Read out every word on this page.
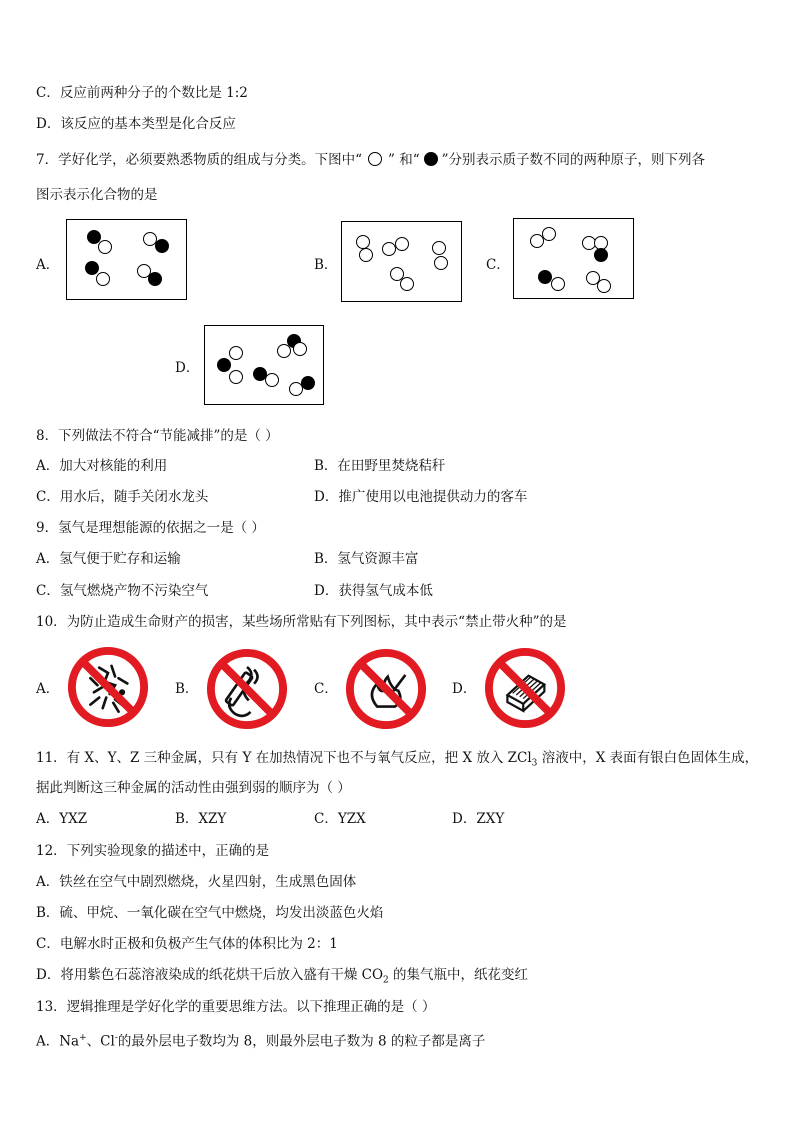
C．反应前两种分子的个数比是 1:2
D．该反应的基本类型是化合反应
7．学好化学，必须要熟悉物质的组成与分类。下图中“ ” 和“ ”分别表示质子数不同的两种原子，则下列各
图示表示化合物的是
A．	B．	C．
D．
8．下列做法不符合“节能减排”的是（ ）
A．加大对核能的利用	B．在田野里焚烧秸秆
C．用水后，随手关闭水龙头	D．推广使用以电池提供动力的客车
9．氢气是理想能源的依据之一是（ ）
A．氢气便于贮存和运输	B．氢气资源丰富
C．氢气燃烧产物不污染空气	D．获得氢气成本低
10．为防止造成生命财产的损害，某些场所常贴有下列图标，其中表示“禁止带火种”的是
A．	B．	C．	D．
11．有 X、Y、Z 三种金属，只有 Y 在加热情况下也不与氧气反应，把 X 放入 ZCl$_3$ 溶液中，X 表面有银白色固体生成，
据此判断这三种金属的活动性由强到弱的顺序为（ ）
A．YXZ	B．XZY	C．YZX	D．ZXY
12．下列实验现象的描述中，正确的是
A．铁丝在空气中剧烈燃烧，火星四射，生成黑色固体
B．硫、甲烷、一氧化碳在空气中燃烧，均发出淡蓝色火焰
C．电解水时正极和负极产生气体的体积比为 2：1
D．将用紫色石蕊溶液染成的纸花烘干后放入盛有干燥 $CO_2$ 的集气瓶中，纸花变红
13．逻辑推理是学好化学的重要思维方法。以下推理正确的是（ ）
A．Na+、Cl-的最外层电子数均为 8，则最外层电子数为 8 的粒子都是离子
